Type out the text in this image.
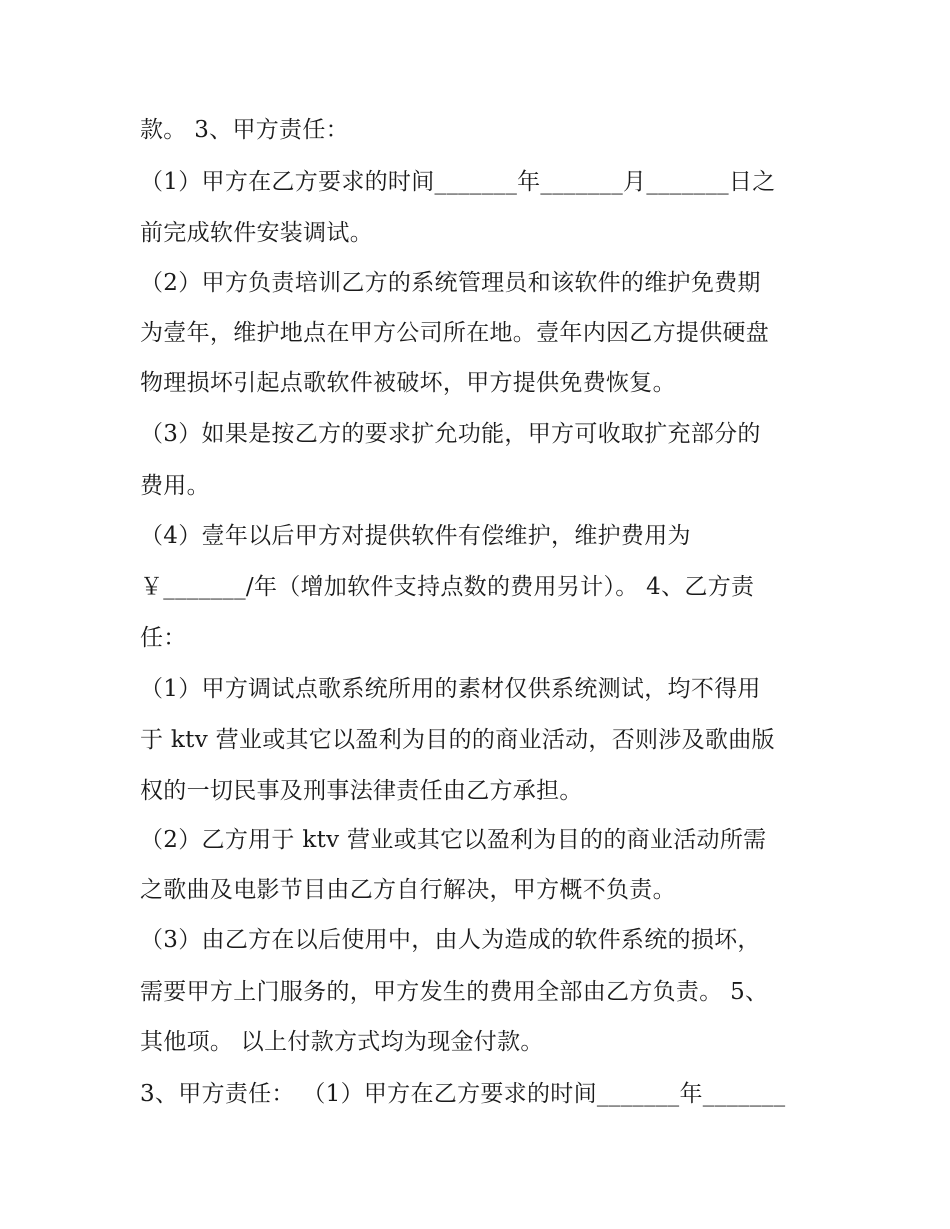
款。 3、甲方责任：
（1）甲方在乙方要求的时间_______年_______月_______日之
前完成软件安装调试。
（2）甲方负责培训乙方的系统管理员和该软件的维护免费期
为壹年，维护地点在甲方公司所在地。壹年内因乙方提供硬盘
物理损坏引起点歌软件被破坏，甲方提供免费恢复。
（3）如果是按乙方的要求扩允功能，甲方可收取扩充部分的
费用。
（4）壹年以后甲方对提供软件有偿维护，维护费用为
￥_______/年（增加软件支持点数的费用另计）。 4、乙方责
任：
（1）甲方调试点歌系统所用的素材仅供系统测试，均不得用
于 ktv 营业或其它以盈利为目的的商业活动，否则涉及歌曲版
权的一切民事及刑事法律责任由乙方承担。
（2）乙方用于 ktv 营业或其它以盈利为目的的商业活动所需
之歌曲及电影节目由乙方自行解决，甲方概不负责。
（3）由乙方在以后使用中，由人为造成的软件系统的损坏，
需要甲方上门服务的，甲方发生的费用全部由乙方负责。 5、
其他项。 以上付款方式均为现金付款。
3、甲方责任： （1）甲方在乙方要求的时间_______年_______
